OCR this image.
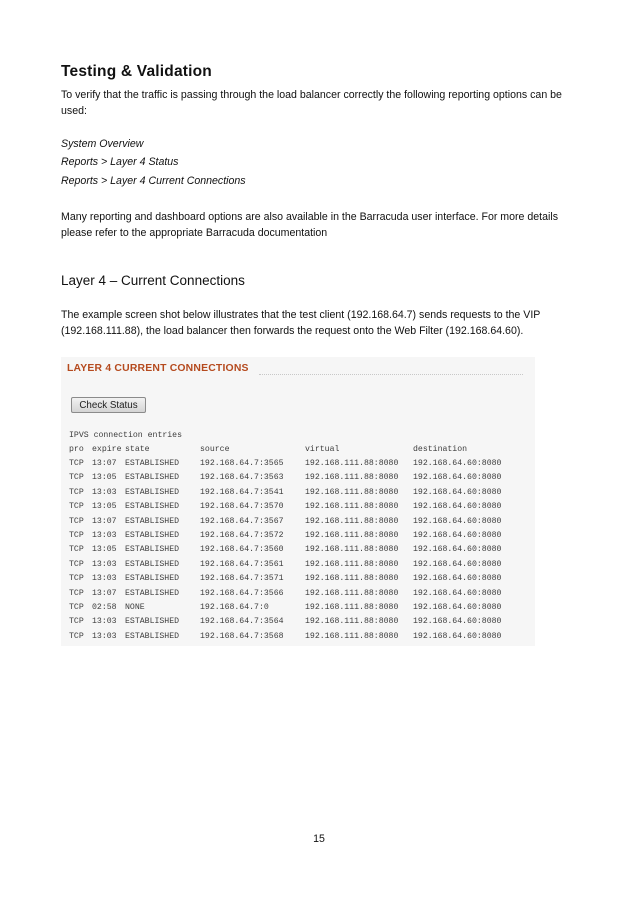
Testing & Validation
To verify that the traffic is passing through the load balancer correctly the following reporting options can be used:
System Overview
Reports > Layer 4 Status
Reports > Layer 4 Current Connections
Many reporting and dashboard options are also available in the Barracuda user interface. For more details please refer to the appropriate Barracuda documentation
Layer 4 – Current Connections
The example screen shot below illustrates that the test client (192.168.64.7) sends requests to the VIP (192.168.111.88), the load balancer then forwards the request onto the Web Filter (192.168.64.60).
LAYER 4 CURRENT CONNECTIONS
Check Status
IPVS connection entries
pro expire state	source	virtual	destination
TCP 13:07 ESTABLISHED	192.168.64.7:3565	192.168.111.88:8080 192.168.64.60:8080
TCP 13:05 ESTABLISHED	192.168.64.7:3563	192.168.111.88:8080 192.168.64.60:8080
TCP 13:03 ESTABLISHED	192.168.64.7:3541	192.168.111.88:8080 192.168.64.60:8080
TCP 13:05 ESTABLISHED	192.168.64.7:3570	192.168.111.88:8080 192.168.64.60:8080
TCP 13:07 ESTABLISHED	192.168.64.7:3567	192.168.111.88:8080 192.168.64.60:8080
TCP 13:03 ESTABLISHED	192.168.64.7:3572	192.168.111.88:8080 192.168.64.60:8080
TCP 13:05 ESTABLISHED	192.168.64.7:3560	192.168.111.88:8080 192.168.64.60:8080
TCP 13:03 ESTABLISHED	192.168.64.7:3561	192.168.111.88:8080 192.168.64.60:8080
TCP 13:03 ESTABLISHED	192.168.64.7:3571	192.168.111.88:8080 192.168.64.60:8080
TCP 13:07 ESTABLISHED	192.168.64.7:3566	192.168.111.88:8080 192.168.64.60:8080
TCP 02:58 NONE	192.168.64.7:0	192.168.111.88:8080 192.168.64.60:8080
TCP 13:03 ESTABLISHED	192.168.64.7:3564	192.168.111.88:8080 192.168.64.60:8080
TCP 13:03 ESTABLISHED	192.168.64.7:3568	192.168.111.88:8080 192.168.64.60:8080
15
